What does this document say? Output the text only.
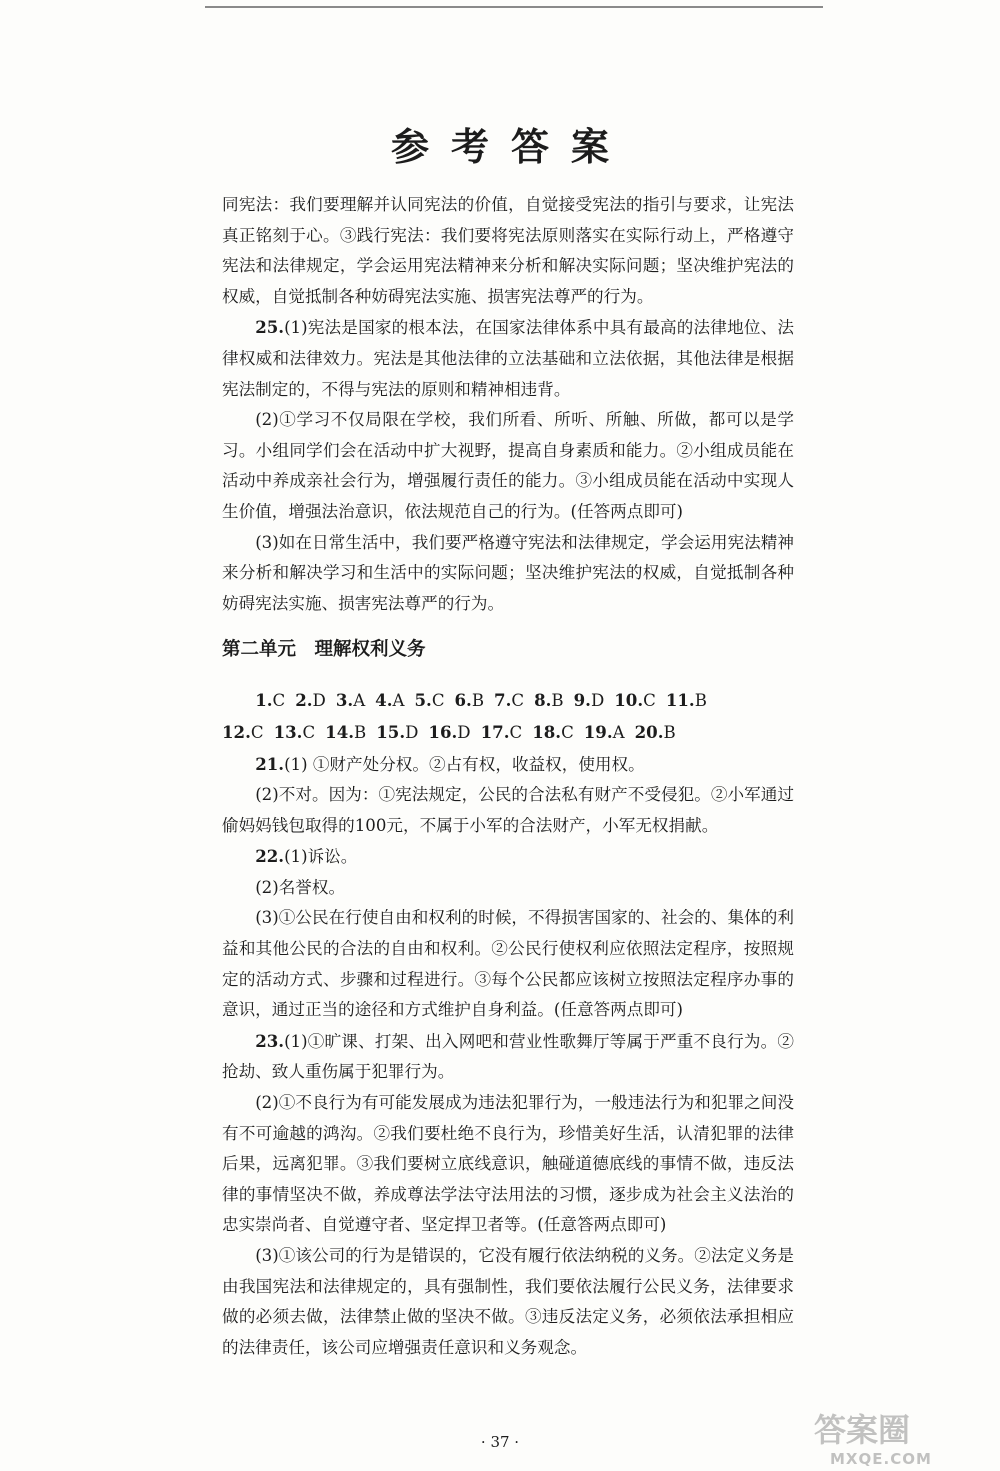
参考答案

同宪法：我们要理解并认同宪法的价值，自觉接受宪法的指引与要求，让宪法真正铭刻于心。③践行宪法：我们要将宪法原则落实在实际行动上，严格遵守宪法和法律规定，学会运用宪法精神来分析和解决实际问题；坚决维护宪法的权威，自觉抵制各种妨碍宪法实施、损害宪法尊严的行为。

25.(1)宪法是国家的根本法，在国家法律体系中具有最高的法律地位、法律权威和法律效力。宪法是其他法律的立法基础和立法依据，其他法律是根据宪法制定的，不得与宪法的原则和精神相违背。

(2)①学习不仅局限在学校，我们所看、所听、所触、所做，都可以是学习。小组同学们会在活动中扩大视野，提高自身素质和能力。②小组成员能在活动中养成亲社会行为，增强履行责任的能力。③小组成员能在活动中实现人生价值，增强法治意识，依法规范自己的行为。(任答两点即可)

(3)如在日常生活中，我们要严格遵守宪法和法律规定，学会运用宪法精神来分析和解决学习和生活中的实际问题；坚决维护宪法的权威，自觉抵制各种妨碍宪法实施、损害宪法尊严的行为。

第二单元　理解权利义务

1.C 2.D 3.A 4.A 5.C 6.B 7.C 8.B 9.D 10.C 11.B
12.C 13.C 14.B 15.D 16.D 17.C 18.C 19.A 20.B

21.(1) ①财产处分权。②占有权，收益权，使用权。

(2)不对。因为：①宪法规定，公民的合法私有财产不受侵犯。②小军通过偷妈妈钱包取得的100元，不属于小军的合法财产，小军无权捐献。

22.(1)诉讼。

(2)名誉权。

(3)①公民在行使自由和权利的时候，不得损害国家的、社会的、集体的利益和其他公民的合法的自由和权利。②公民行使权利应依照法定程序，按照规定的活动方式、步骤和过程进行。③每个公民都应该树立按照法定程序办事的意识，通过正当的途径和方式维护自身利益。(任意答两点即可)

23.(1)①旷课、打架、出入网吧和营业性歌舞厅等属于严重不良行为。②抢劫、致人重伤属于犯罪行为。

(2)①不良行为有可能发展成为违法犯罪行为，一般违法行为和犯罪之间没有不可逾越的鸿沟。②我们要杜绝不良行为，珍惜美好生活，认清犯罪的法律后果，远离犯罪。③我们要树立底线意识，触碰道德底线的事情不做，违反法律的事情坚决不做，养成尊法学法守法用法的习惯，逐步成为社会主义法治的忠实崇尚者、自觉遵守者、坚定捍卫者等。(任意答两点即可)

(3)①该公司的行为是错误的，它没有履行依法纳税的义务。②法定义务是由我国宪法和法律规定的，具有强制性，我们要依法履行公民义务，法律要求做的必须去做，法律禁止做的坚决不做。③违反法定义务，必须依法承担相应的法律责任，该公司应增强责任意识和义务观念。

· 37 ·	答案圈
MXQE.COM
